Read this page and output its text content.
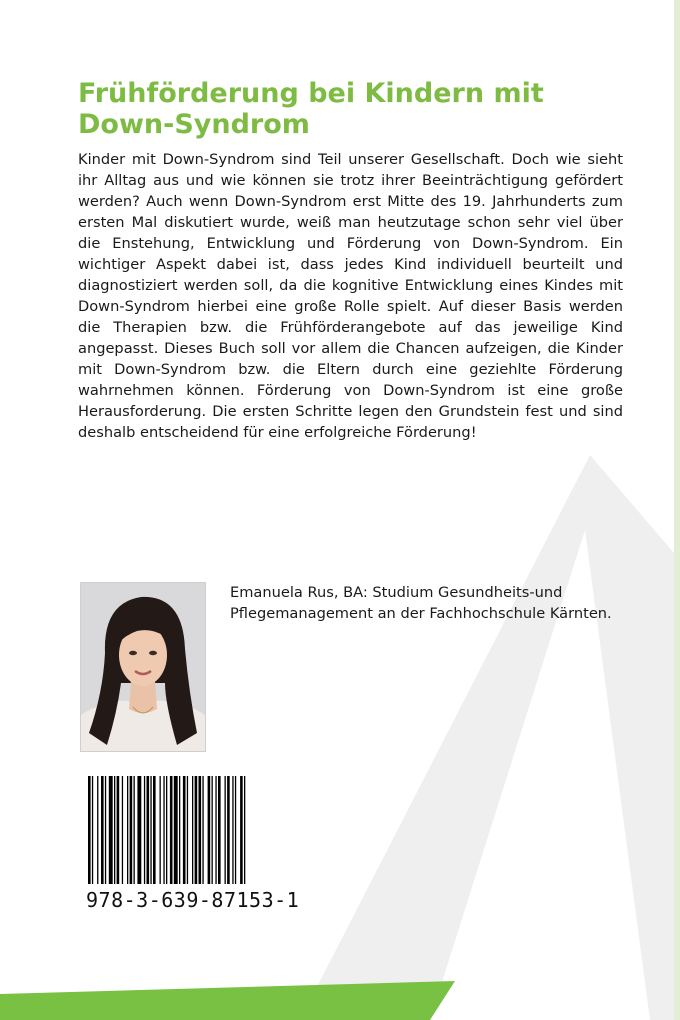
Frühförderung bei Kindern mit Down-Syndrom

Kinder mit Down-Syndrom sind Teil unserer Gesellschaft. Doch wie sieht ihr Alltag aus und wie können sie trotz ihrer Beeinträchtigung gefördert werden? Auch wenn Down-Syndrom erst Mitte des 19. Jahrhunderts zum ersten Mal diskutiert wurde, weiß man heutzutage schon sehr viel über die Enstehung, Entwicklung und Förderung von Down-Syndrom. Ein wichtiger Aspekt dabei ist, dass jedes Kind individuell beurteilt und diagnostiziert werden soll, da die kognitive Entwicklung eines Kindes mit Down-Syndrom hierbei eine große Rolle spielt. Auf dieser Basis werden die Therapien bzw. die Frühförderangebote auf das jeweilige Kind angepasst. Dieses Buch soll vor allem die Chancen aufzeigen, die Kinder mit Down-Syndrom bzw. die Eltern durch eine geziehlte Förderung wahrnehmen können. Förderung von Down-Syndrom ist eine große Herausforderung. Die ersten Schritte legen den Grundstein fest und sind deshalb entscheidend für eine erfolgreiche Förderung!

Emanuela Rus, BA: Studium Gesundheits-und Pflegemanagement an der Fachhochschule Kärnten.

978-3-639-87153-1
